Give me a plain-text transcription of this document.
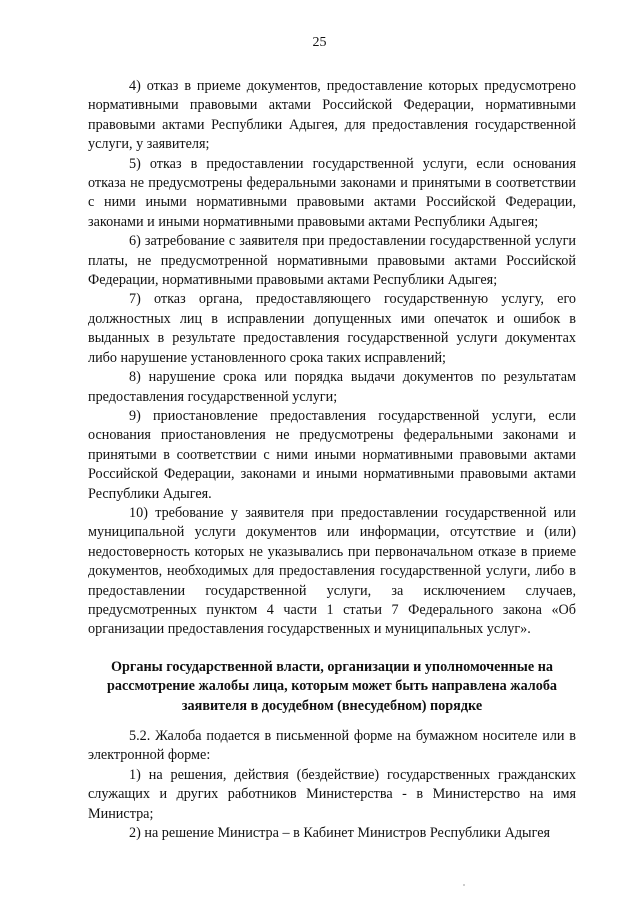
25

4) отказ в приеме документов, предоставление которых предусмотрено нормативными правовыми актами Российской Федерации, нормативными правовыми актами Республики Адыгея, для предоставления государственной услуги, у заявителя;

5) отказ в предоставлении государственной услуги, если основания отказа не предусмотрены федеральными законами и принятыми в соответствии с ними иными нормативными правовыми актами Российской Федерации, законами и иными нормативными правовыми актами Республики Адыгея;

6) затребование с заявителя при предоставлении государственной услуги платы, не предусмотренной нормативными правовыми актами Российской Федерации, нормативными правовыми актами Республики Адыгея;

7) отказ органа, предоставляющего государственную услугу, его должностных лиц в исправлении допущенных ими опечаток и ошибок в выданных в результате предоставления государственной услуги документах либо нарушение установленного срока таких исправлений;

8) нарушение срока или порядка выдачи документов по результатам предоставления государственной услуги;

9) приостановление предоставления государственной услуги, если основания приостановления не предусмотрены федеральными законами и принятыми в соответствии с ними иными нормативными правовыми актами Российской Федерации, законами и иными нормативными правовыми актами Республики Адыгея.

10) требование у заявителя при предоставлении государственной или муниципальной услуги документов или информации, отсутствие и (или) недостоверность которых не указывались при первоначальном отказе в приеме документов, необходимых для предоставления государственной услуги, либо в предоставлении государственной услуги, за исключением случаев, предусмотренных пунктом 4 части 1 статьи 7 Федерального закона «Об организации предоставления государственных и муниципальных услуг».

Органы государственной власти, организации и уполномоченные на
рассмотрение жалобы лица, которым может быть направлена жалоба
заявителя в досудебном (внесудебном) порядке

5.2. Жалоба подается в письменной форме на бумажном носителе или в электронной форме:

1) на решения, действия (бездействие) государственных гражданских служащих и других работников Министерства - в Министерство на имя Министра;

2) на решение Министра – в Кабинет Министров Республики Адыгея
